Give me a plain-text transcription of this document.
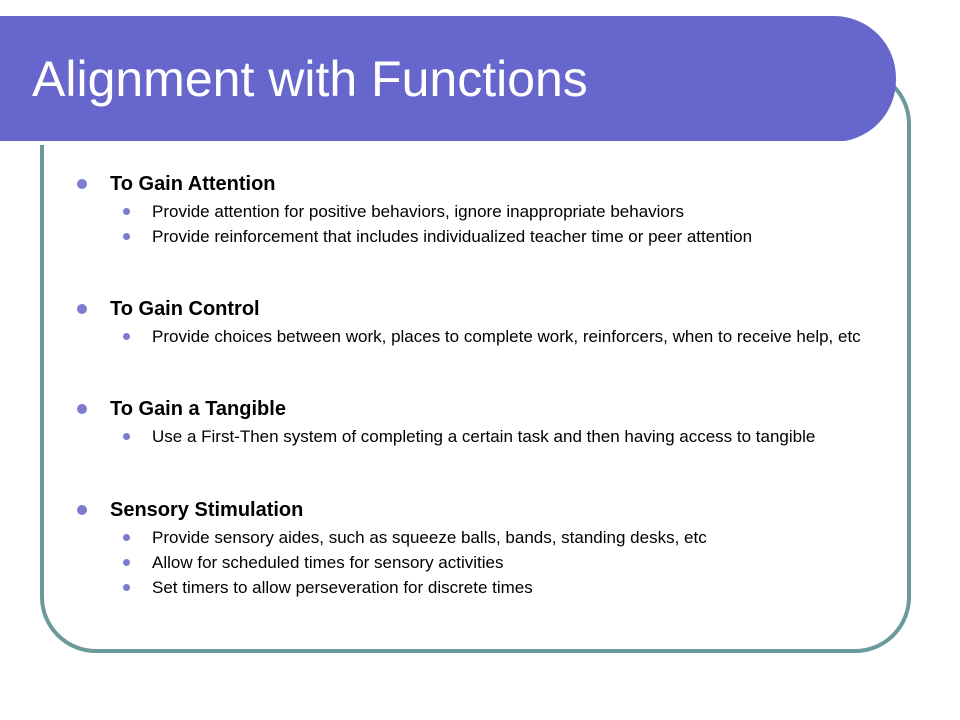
Alignment with Functions
To Gain Attention
Provide attention for positive behaviors, ignore inappropriate behaviors
Provide reinforcement that includes individualized teacher time or peer attention
To Gain Control
Provide choices between work, places to complete work, reinforcers, when to receive help, etc
To Gain a Tangible
Use a First-Then system of completing a certain task and then having access to tangible
Sensory Stimulation
Provide sensory aides, such as squeeze balls, bands, standing desks, etc
Allow for scheduled times for sensory activities
Set timers to allow perseveration for discrete times
